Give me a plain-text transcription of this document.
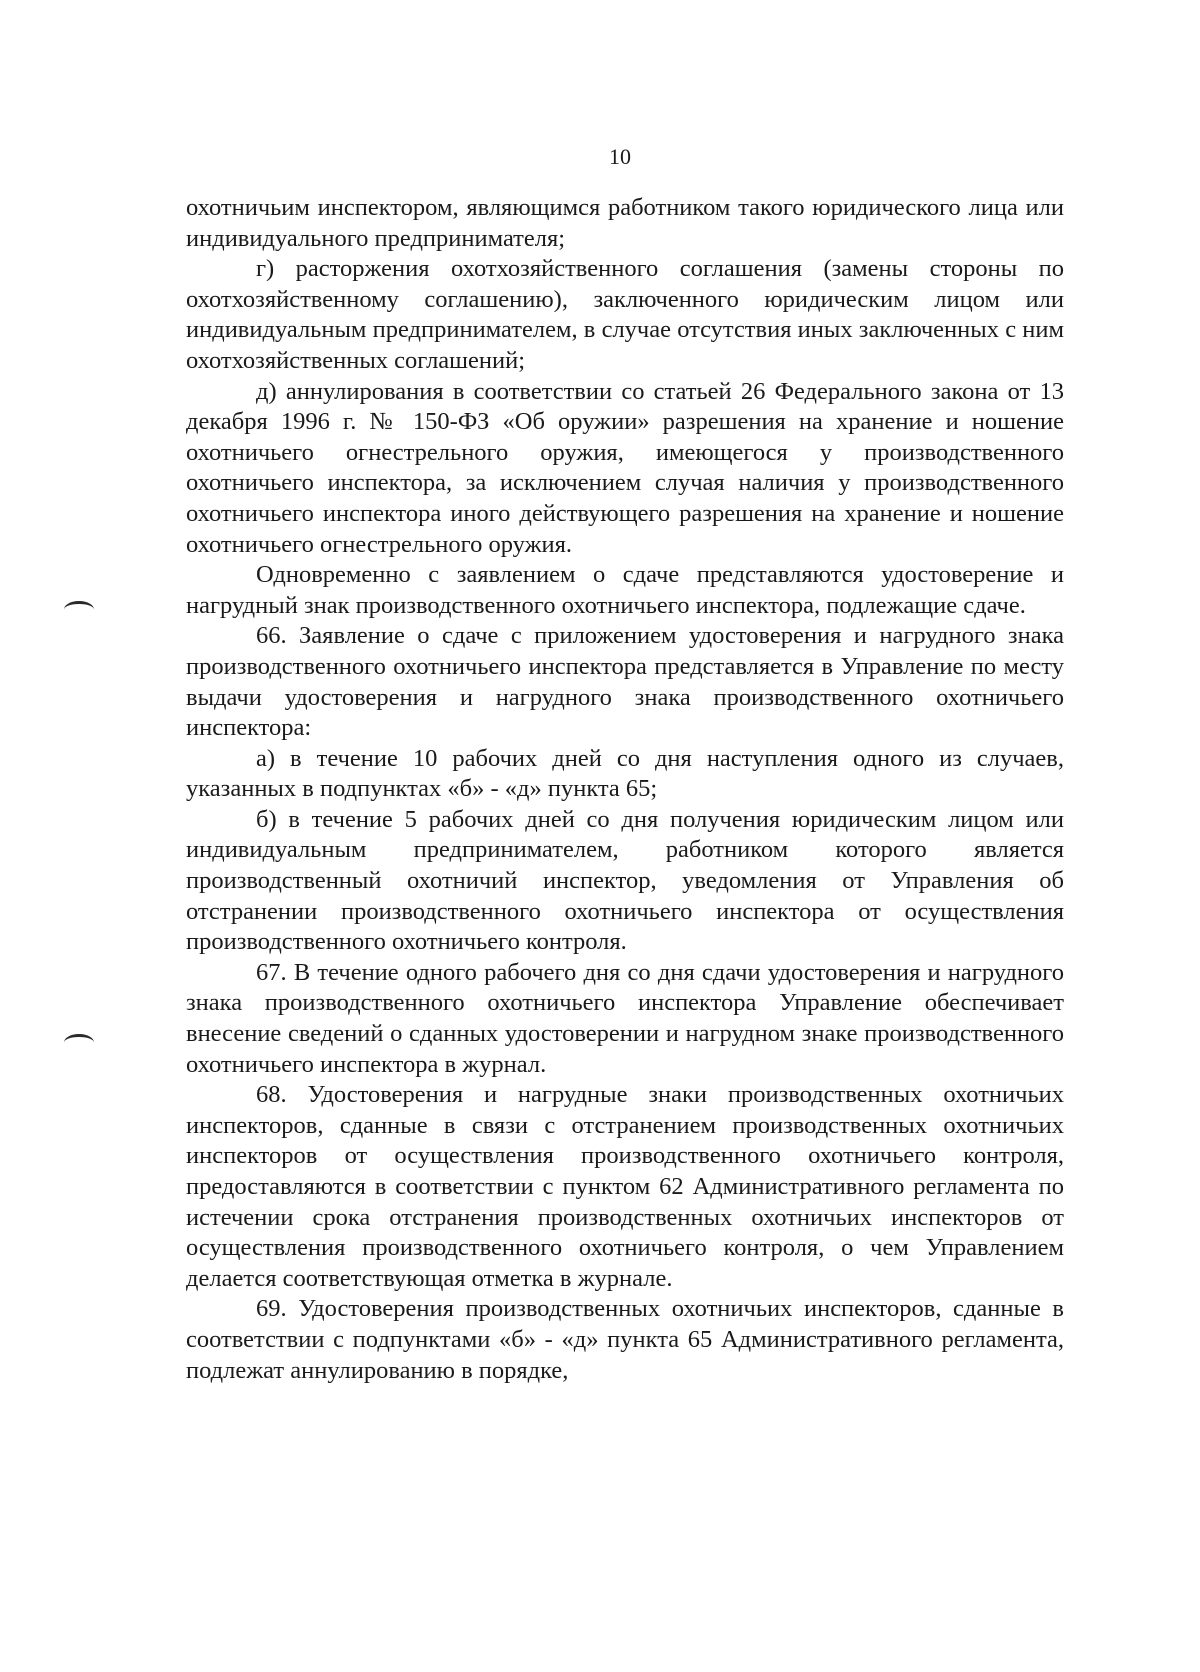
10

охотничьим инспектором, являющимся работником такого юридического лица или индивидуального предпринимателя;

г) расторжения охотхозяйственного соглашения (замены стороны по охотхозяйственному соглашению), заключенного юридическим лицом или индивидуальным предпринимателем, в случае отсутствия иных заключенных с ним охотхозяйственных соглашений;

д) аннулирования в соответствии со статьей 26 Федерального закона от 13 декабря 1996 г. № 150-ФЗ «Об оружии» разрешения на хранение и ношение охотничьего огнестрельного оружия, имеющегося у производственного охотничьего инспектора, за исключением случая наличия у производственного охотничьего инспектора иного действующего разрешения на хранение и ношение охотничьего огнестрельного оружия.

Одновременно с заявлением о сдаче представляются удостоверение и нагрудный знак производственного охотничьего инспектора, подлежащие сдаче.

66. Заявление о сдаче с приложением удостоверения и нагрудного знака производственного охотничьего инспектора представляется в Управление по месту выдачи удостоверения и нагрудного знака производственного охотничьего инспектора:

а) в течение 10 рабочих дней со дня наступления одного из случаев, указанных в подпунктах «б» - «д» пункта 65;

б) в течение 5 рабочих дней со дня получения юридическим лицом или индивидуальным предпринимателем, работником которого является производственный охотничий инспектор, уведомления от Управления об отстранении производственного охотничьего инспектора от осуществления производственного охотничьего контроля.

67. В течение одного рабочего дня со дня сдачи удостоверения и нагрудного знака производственного охотничьего инспектора Управление обеспечивает внесение сведений о сданных удостоверении и нагрудном знаке производственного охотничьего инспектора в журнал.

68. Удостоверения и нагрудные знаки производственных охотничьих инспекторов, сданные в связи с отстранением производственных охотничьих инспекторов от осуществления производственного охотничьего контроля, предоставляются в соответствии с пунктом 62 Административного регламента по истечении срока отстранения производственных охотничьих инспекторов от осуществления производственного охотничьего контроля, о чем Управлением делается соответствующая отметка в журнале.

69. Удостоверения производственных охотничьих инспекторов, сданные в соответствии с подпунктами «б» - «д» пункта 65 Административного регламента, подлежат аннулированию в порядке,
